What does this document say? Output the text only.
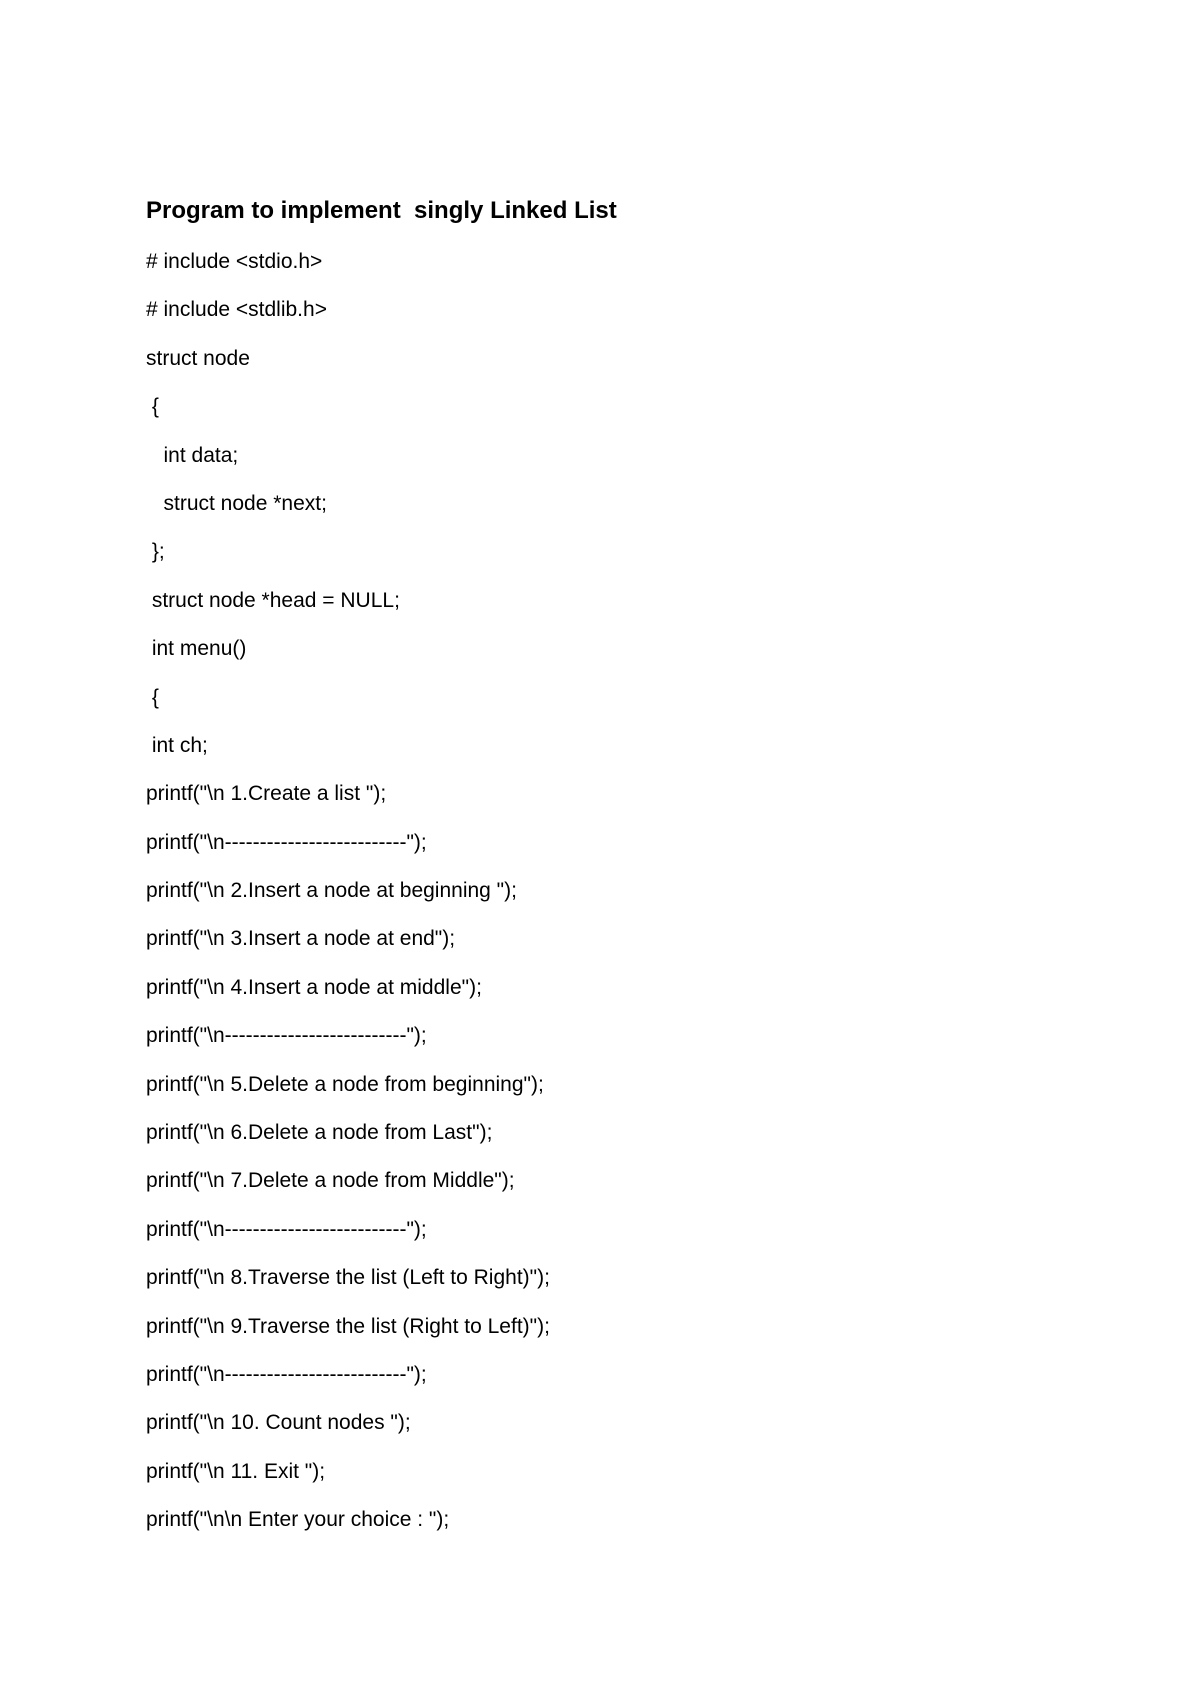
Program to implement  singly Linked List
# include <stdio.h>
# include <stdlib.h>
struct node
{
int data;
struct node *next;
};
struct node *head = NULL;
int menu()
{
int ch;
printf("\n 1.Create a list ");
printf("\n--------------------------");
printf("\n 2.Insert a node at beginning ");
printf("\n 3.Insert a node at end");
printf("\n 4.Insert a node at middle");
printf("\n--------------------------");
printf("\n 5.Delete a node from beginning");
printf("\n 6.Delete a node from Last");
printf("\n 7.Delete a node from Middle");
printf("\n--------------------------");
printf("\n 8.Traverse the list (Left to Right)");
printf("\n 9.Traverse the list (Right to Left)");
printf("\n--------------------------");
printf("\n 10. Count nodes ");
printf("\n 11. Exit ");
printf("\n\n Enter your choice : ");
